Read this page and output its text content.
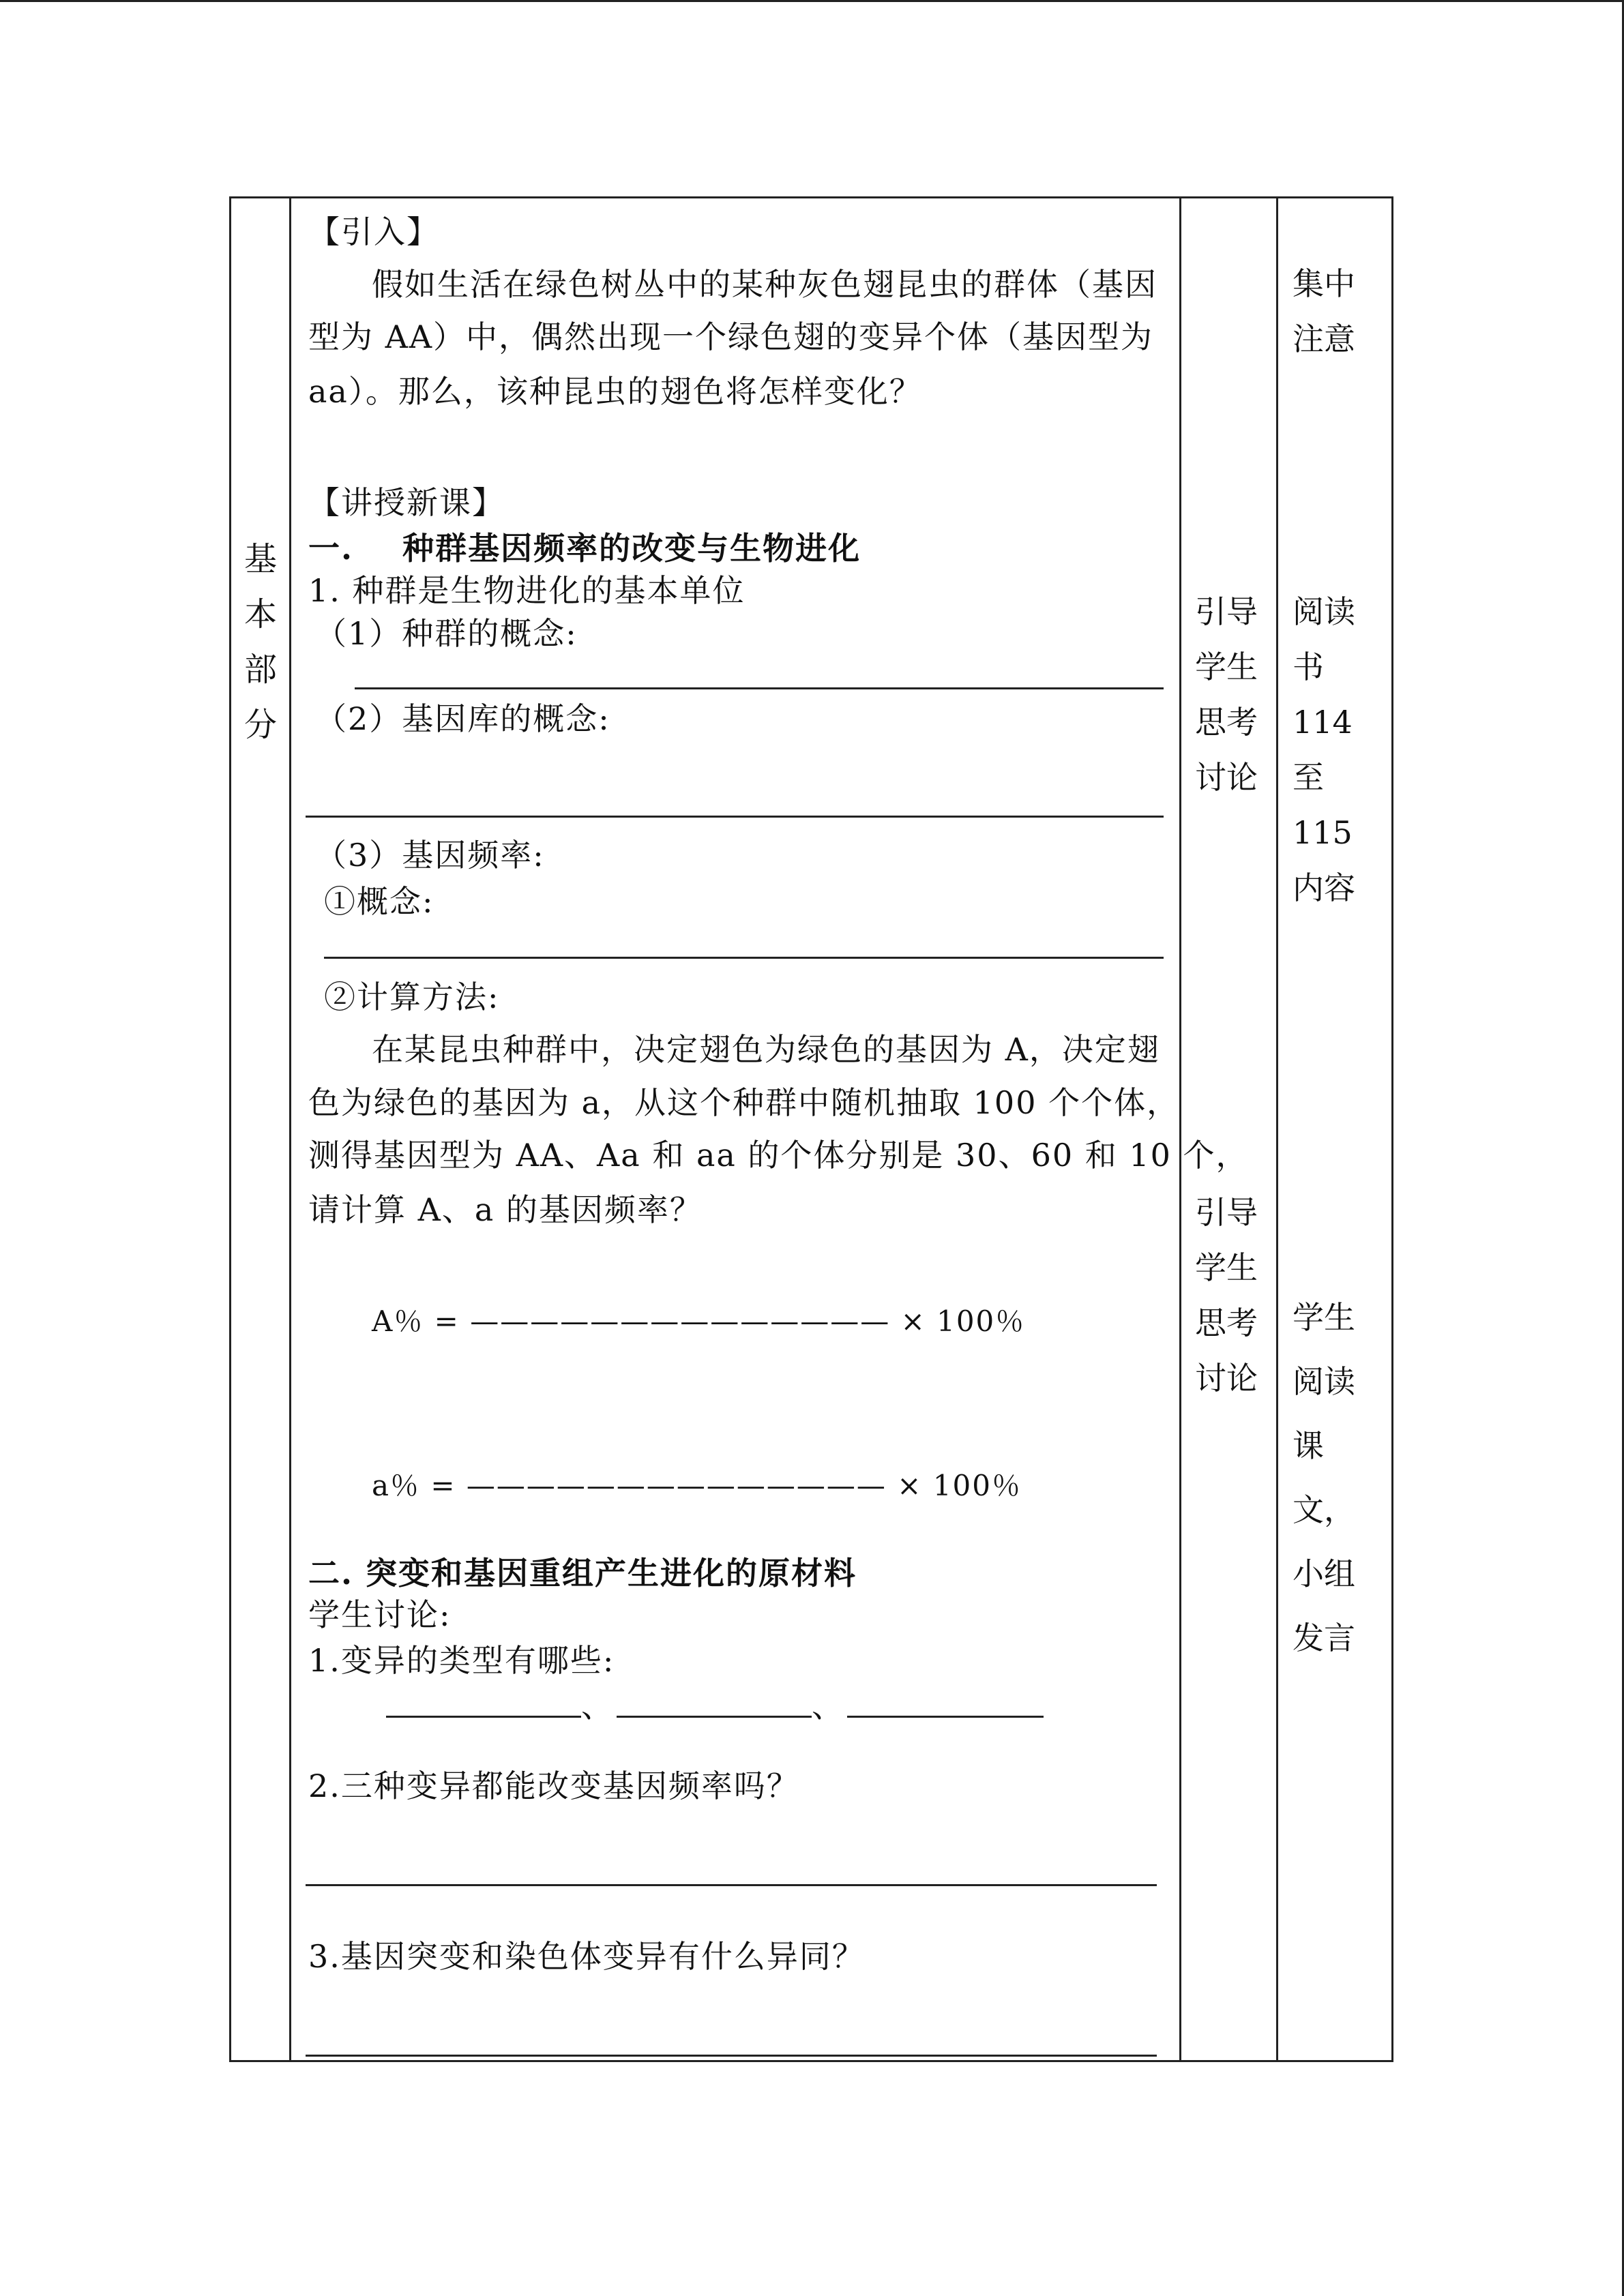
基
本
部
分
【引入】
假如生活在绿色树丛中的某种灰色翅昆虫的群体（基因
型为 AA）中，偶然出现一个绿色翅的变异个体（基因型为
aa）。那么，该种昆虫的翅色将怎样变化？
【讲授新课】
一.    种群基因频率的改变与生物进化
1. 种群是生物进化的基本单位
（1）种群的概念:
（2）基因库的概念:
（3）基因频率:
①概念:
②计算方法:
在某昆虫种群中，决定翅色为绿色的基因为 A，决定翅
色为绿色的基因为 a，从这个种群中随机抽取 100 个个体，
测得基因型为 AA、Aa 和 aa 的个体分别是 30、60 和 10 个，
请计算 A、a 的基因频率？
A％ = —————————————— × 100％
a％ = —————————————— × 100％
二. 突变和基因重组产生进化的原材料
学生讨论:
1.变异的类型有哪些:
、	、
2.三种变异都能改变基因频率吗？
3.基因突变和染色体变异有什么异同？
引导
学生
思考
讨论
引导
学生
思考
讨论
集中
注意
阅读
书
114
至
115
内容
学生
阅读
课
文，
小组
发言
